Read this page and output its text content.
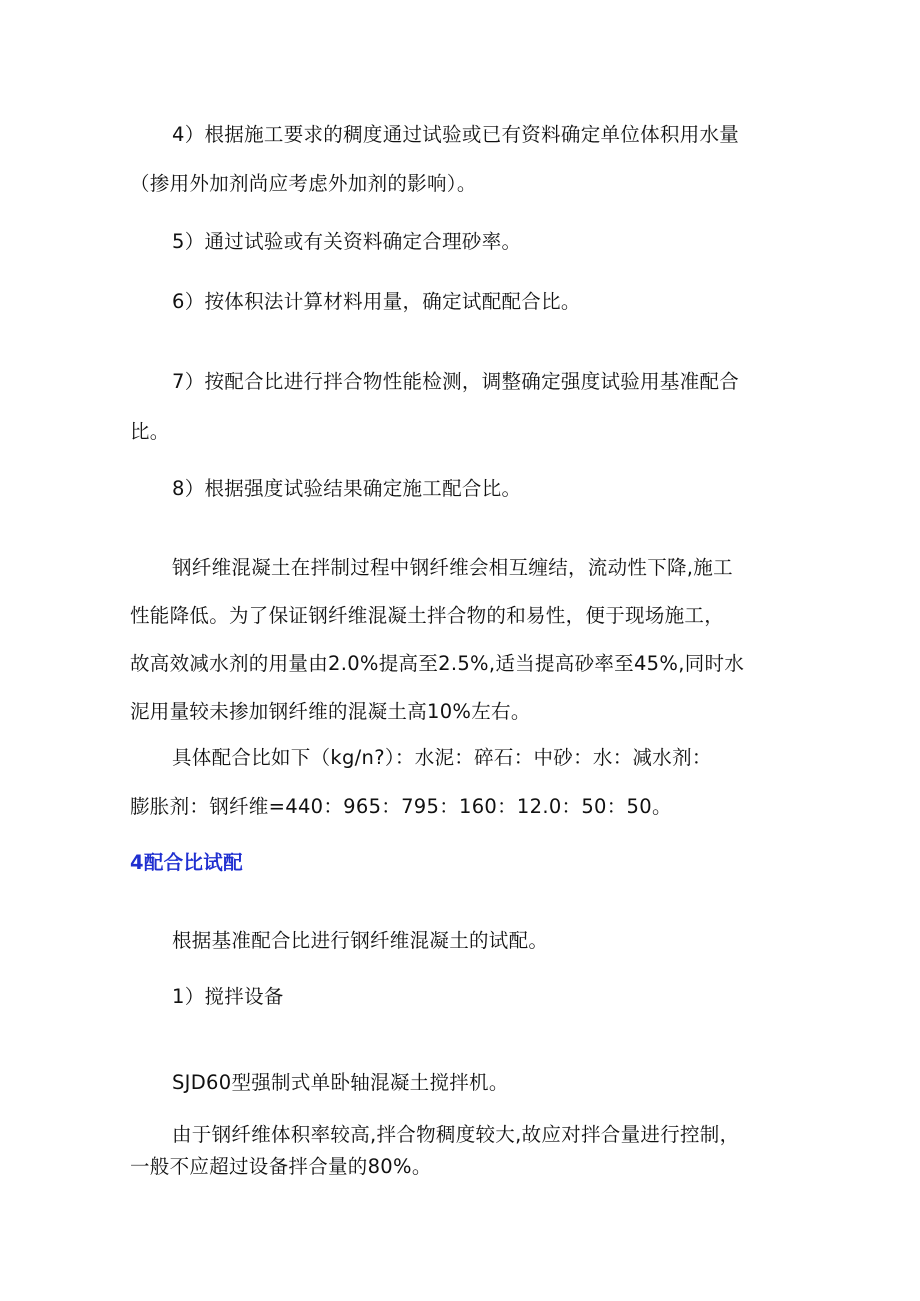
4）根据施工要求的稠度通过试验或已有资料确定单位体积用水量
（掺用外加剂尚应考虑外加剂的影响）。
5）通过试验或有关资料确定合理砂率。
6）按体积法计算材料用量，确定试配配合比。
7）按配合比进行拌合物性能检测，调整确定强度试验用基准配合
比。
8）根据强度试验结果确定施工配合比。
钢纤维混凝土在拌制过程中钢纤维会相互缠结，流动性下降,施工
性能降低。为了保证钢纤维混凝土拌合物的和易性，便于现场施工，
故高效减水剂的用量由2.0%提高至2.5%,适当提高砂率至45%,同时水
泥用量较未掺加钢纤维的混凝土高10%左右。
具体配合比如下（kg/n?）：水泥：碎石：中砂：水：减水剂：
膨胀剂：钢纤维=440：965：795：160：12.0：50：50。
4配合比试配
根据基准配合比进行钢纤维混凝土的试配。
1）搅拌设备
SJD60型强制式单卧轴混凝土搅拌机。
由于钢纤维体积率较高,拌合物稠度较大,故应对拌合量进行控制，
一般不应超过设备拌合量的80%。
